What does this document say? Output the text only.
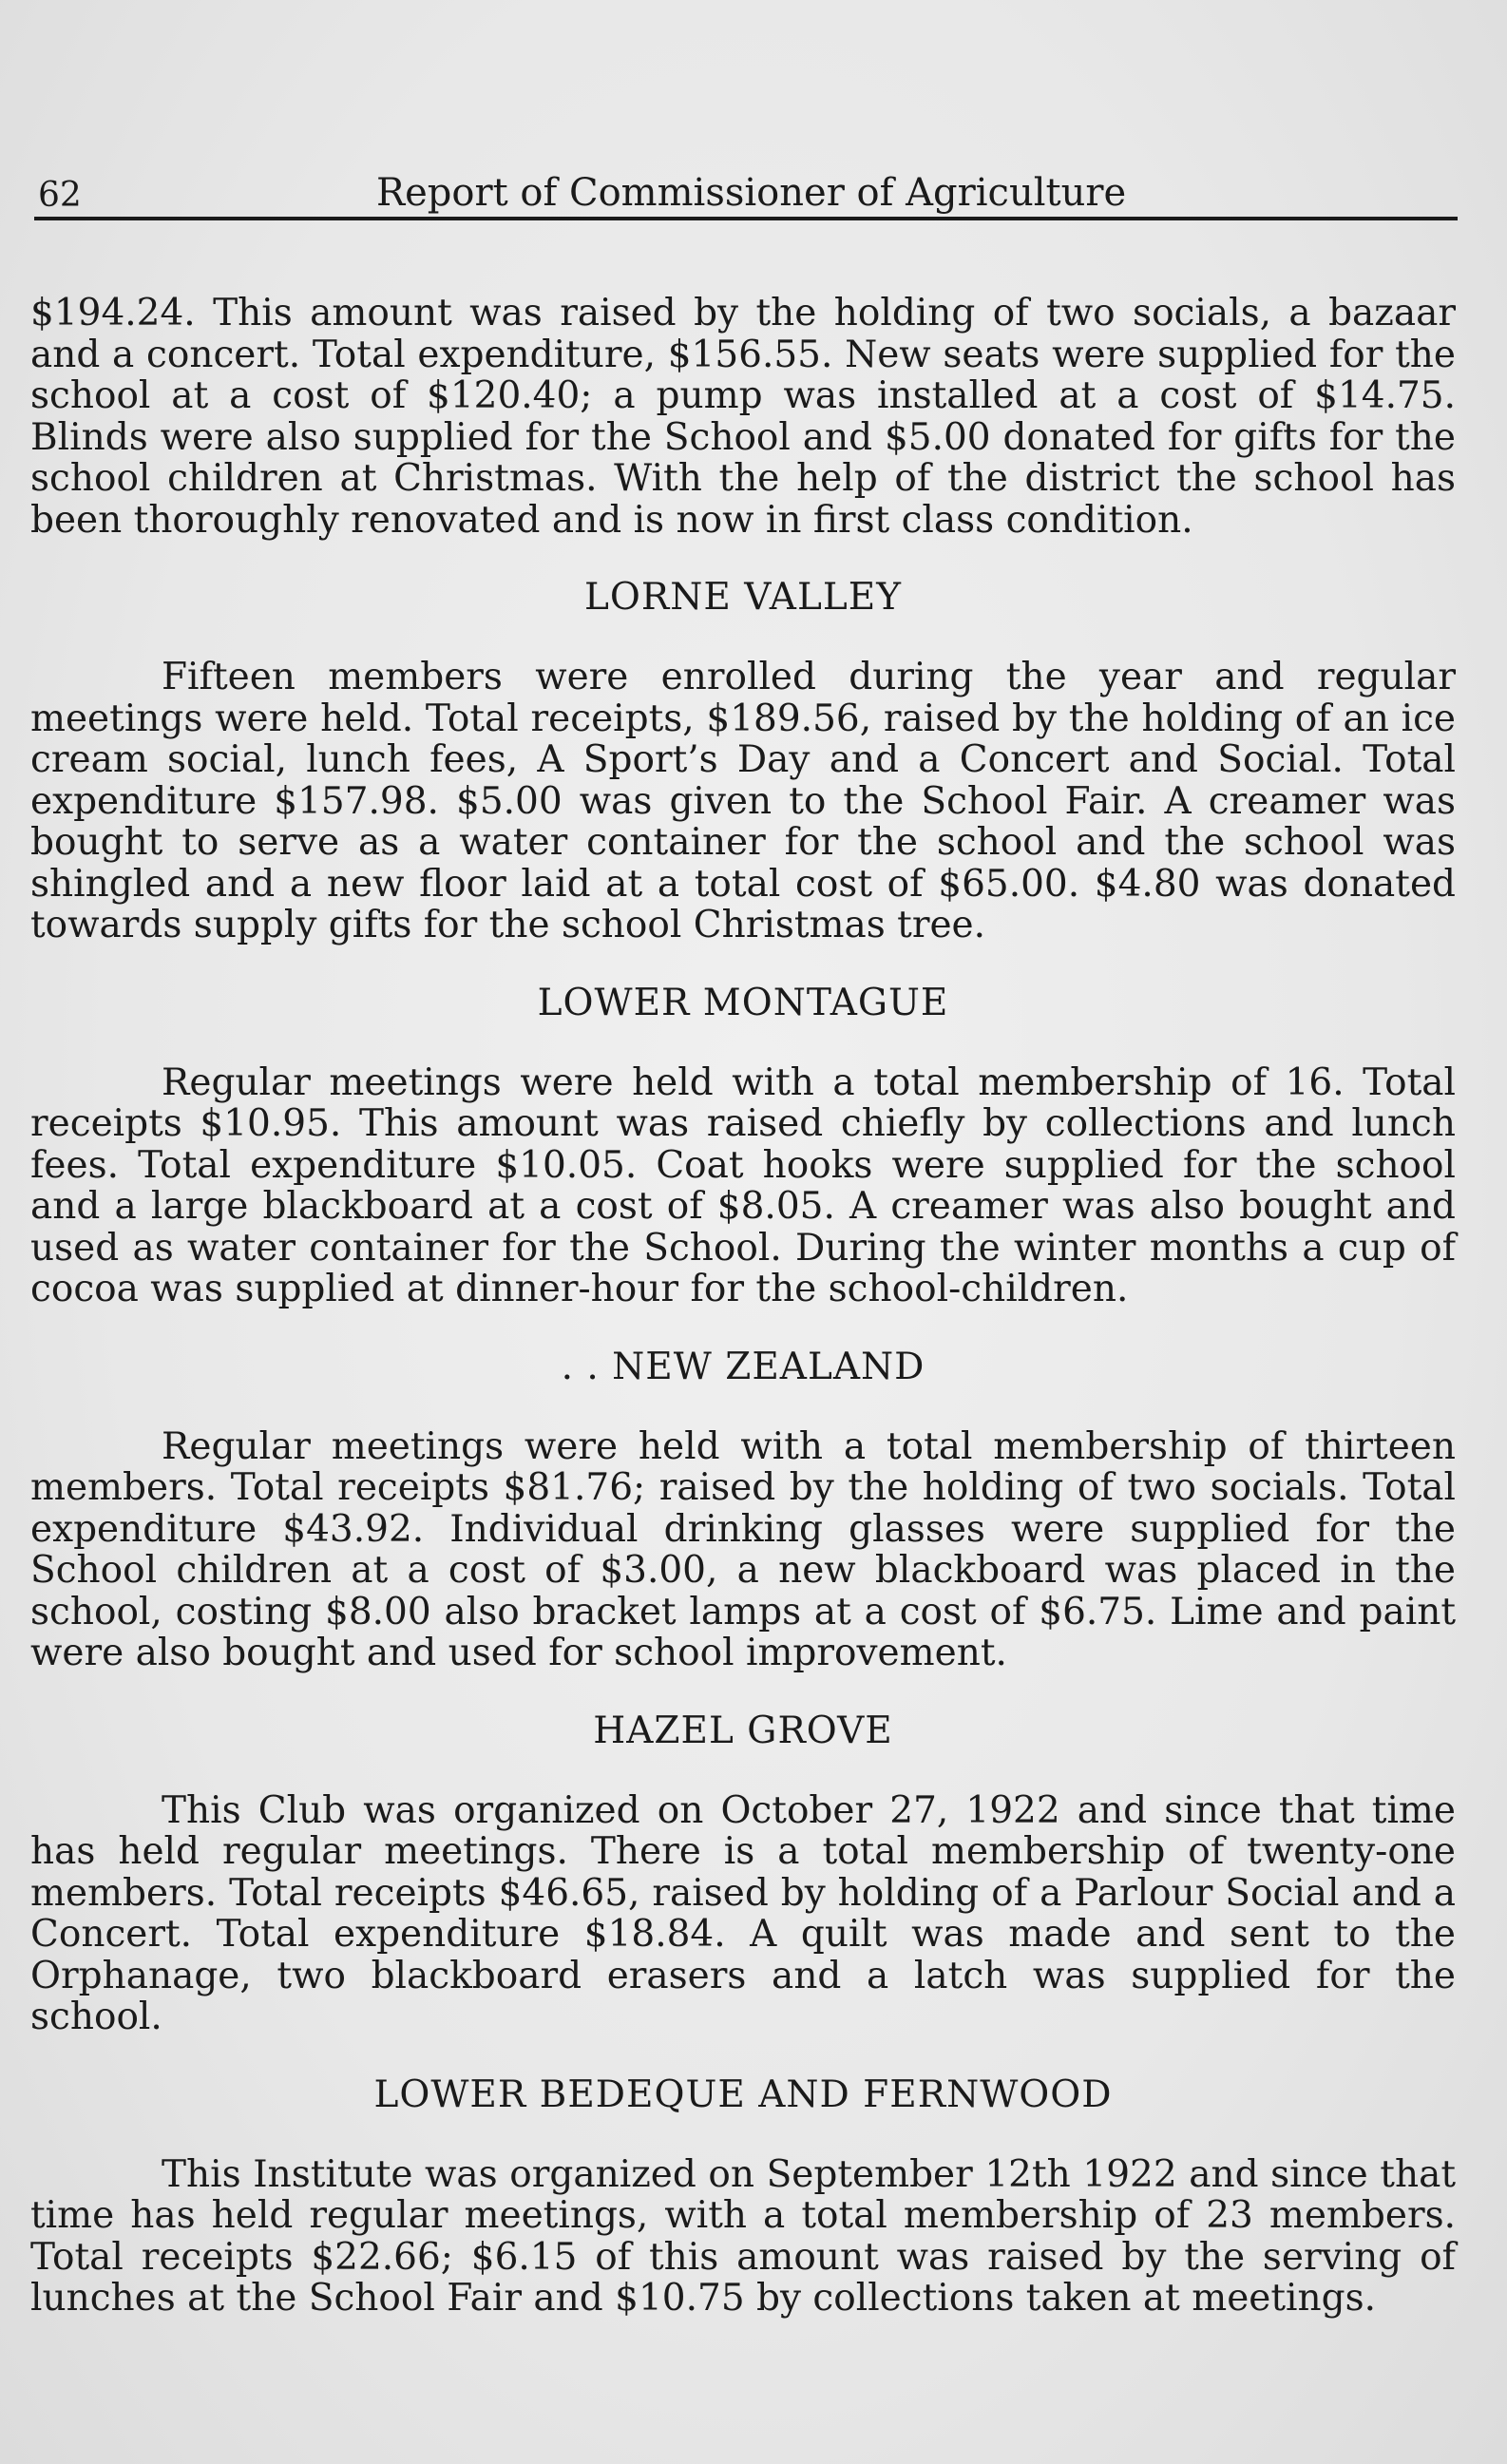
62	Report of Commissioner of Agriculture

$194.24. This amount was raised by the holding of two socials, a bazaar and a concert. Total expenditure, $156.55. New seats were supplied for the school at a cost of $120.40; a pump was installed at a cost of $14.75. Blinds were also supplied for the School and $5.00 donated for gifts for the school children at Christmas. With the help of the district the school has been thoroughly renovated and is now in first class condition.

LORNE VALLEY

Fifteen members were enrolled during the year and regular meetings were held. Total receipts, $189.56, raised by the holding of an ice cream social, lunch fees, A Sport’s Day and a Concert and Social. Total expenditure $157.98. $5.00 was given to the School Fair. A creamer was bought to serve as a water container for the school and the school was shingled and a new floor laid at a total cost of $65.00. $4.80 was donated towards supply gifts for the school Christmas tree.

LOWER MONTAGUE

Regular meetings were held with a total membership of 16. Total receipts $10.95. This amount was raised chiefly by collections and lunch fees. Total expenditure $10.05. Coat hooks were supplied for the school and a large blackboard at a cost of $8.05. A creamer was also bought and used as water container for the School. During the winter months a cup of cocoa was supplied at dinner-hour for the school-children.

. . NEW ZEALAND

Regular meetings were held with a total membership of thirteen members. Total receipts $81.76; raised by the holding of two socials. Total expenditure $43.92. Individual drinking glasses were supplied for the School children at a cost of $3.00, a new blackboard was placed in the school, costing $8.00 also bracket lamps at a cost of $6.75. Lime and paint were also bought and used for school improvement.

HAZEL GROVE

This Club was organized on October 27, 1922 and since that time has held regular meetings. There is a total membership of twenty-one members. Total receipts $46.65, raised by holding of a Parlour Social and a Concert. Total expenditure $18.84. A quilt was made and sent to the Orphanage, two blackboard erasers and a latch was supplied for the school.

LOWER BEDEQUE AND FERNWOOD

This Institute was organized on September 12th 1922 and since that time has held regular meetings, with a total membership of 23 members. Total receipts $22.66; $6.15 of this amount was raised by the serving of lunches at the School Fair and $10.75 by collections taken at meetings.
